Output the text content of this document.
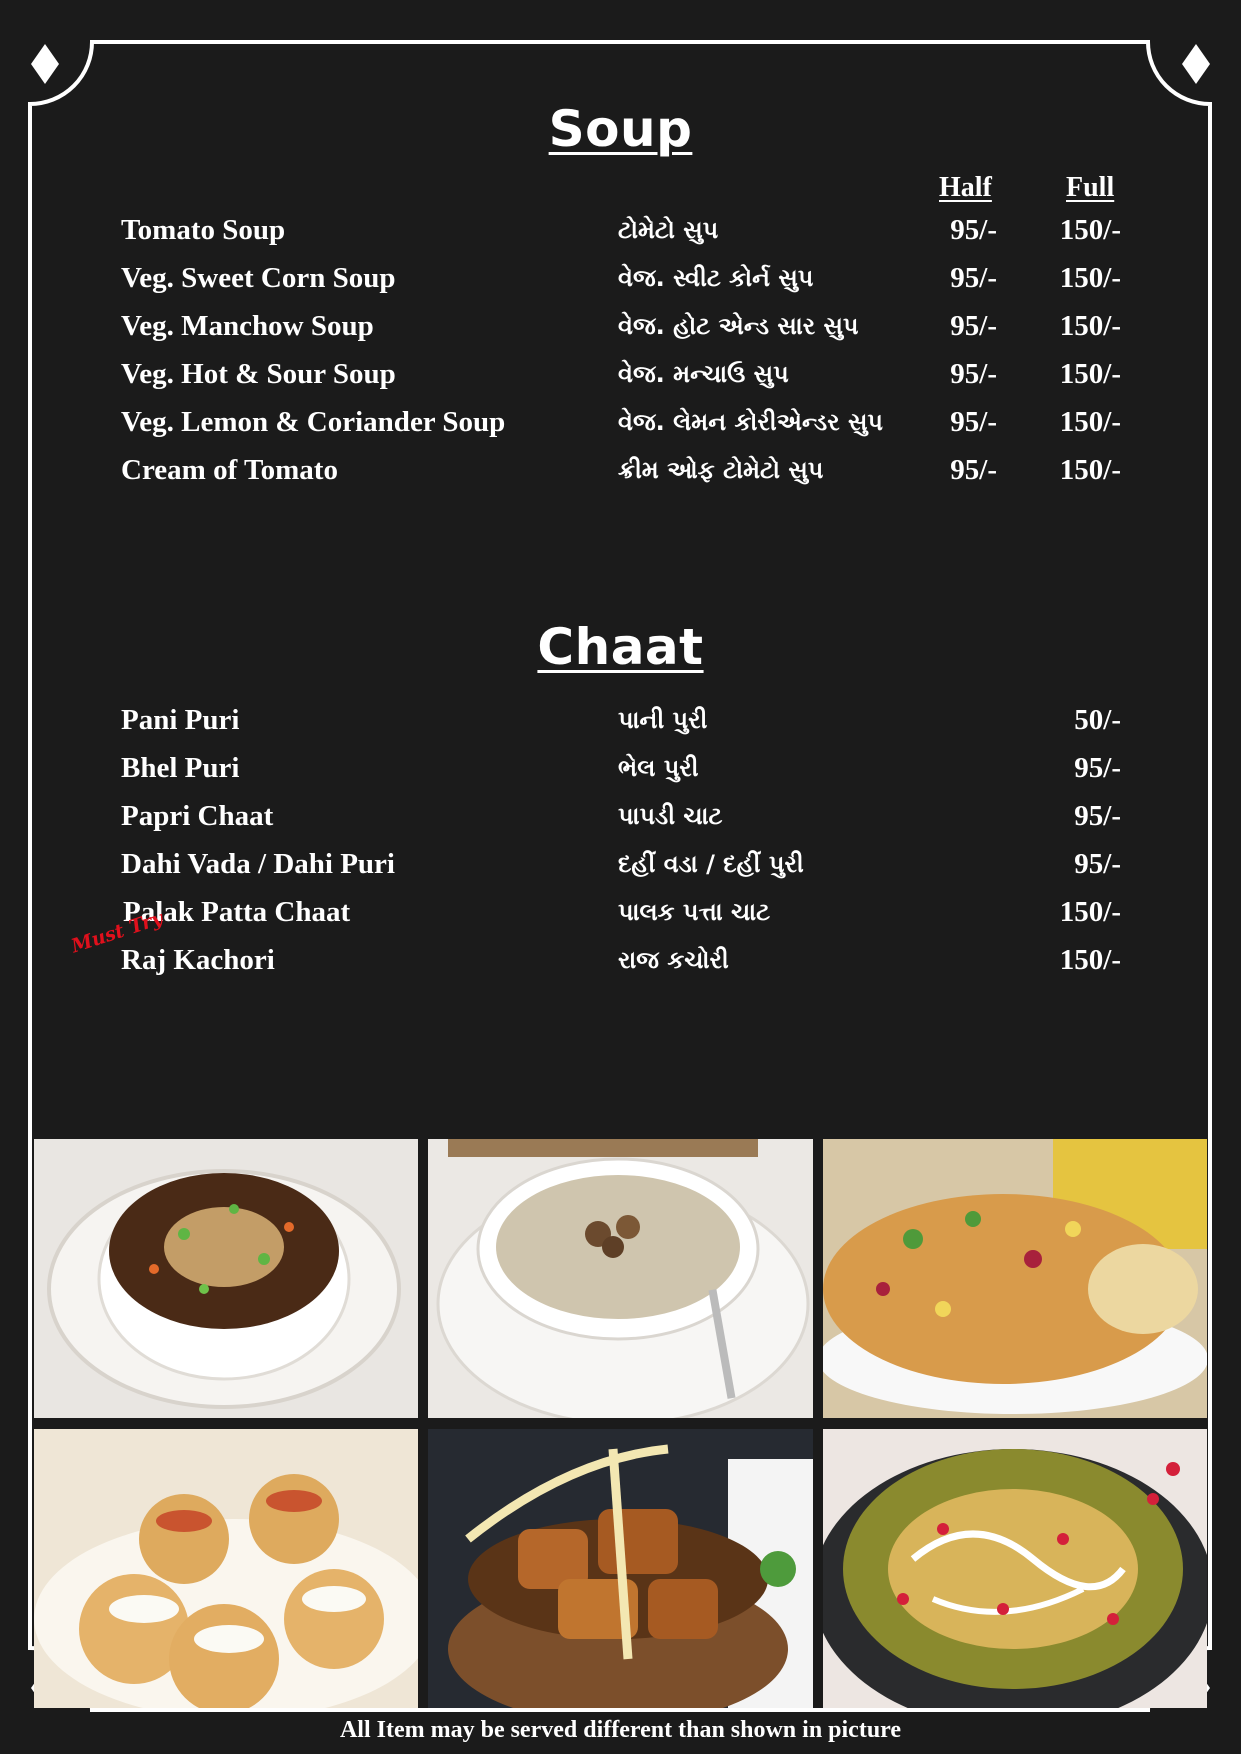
Soup
Half	Full
Tomato Soup	ટોમેટો સુપ	95/- 150/-
Veg. Sweet Corn Soup	વેજ. સ્વીટ કોર્ન સુપ	95/- 150/-
Veg. Manchow Soup	વેજ. હોટ એન્ડ સાર સુપ	95/- 150/-
Veg. Hot & Sour Soup	વેજ. મન્ચાઉ સુપ	95/- 150/-
Veg. Lemon & Coriander Soup	વેજ. લેમન કોરીએન્ડર સુપ 95/- 150/-
Cream of Tomato	ક્રીમ ઓફ ટોમેટો સુપ	95/- 150/-
Chaat
Pani Puri	પાની પુરી	50/-
Bhel Puri	ભેલ પુરી	95/-
Papri Chaat	પાપડી ચાટ	95/-
Dahi Vada / Dahi Puri	દહીં વડા / દહીં પુરી	95/-
Palak Patta Chaat	પાલક પત્તા ચાટ	150/-
Must Try
Raj Kachori	રાજ કચોરી	150/-
All Item may be served different than shown in picture
